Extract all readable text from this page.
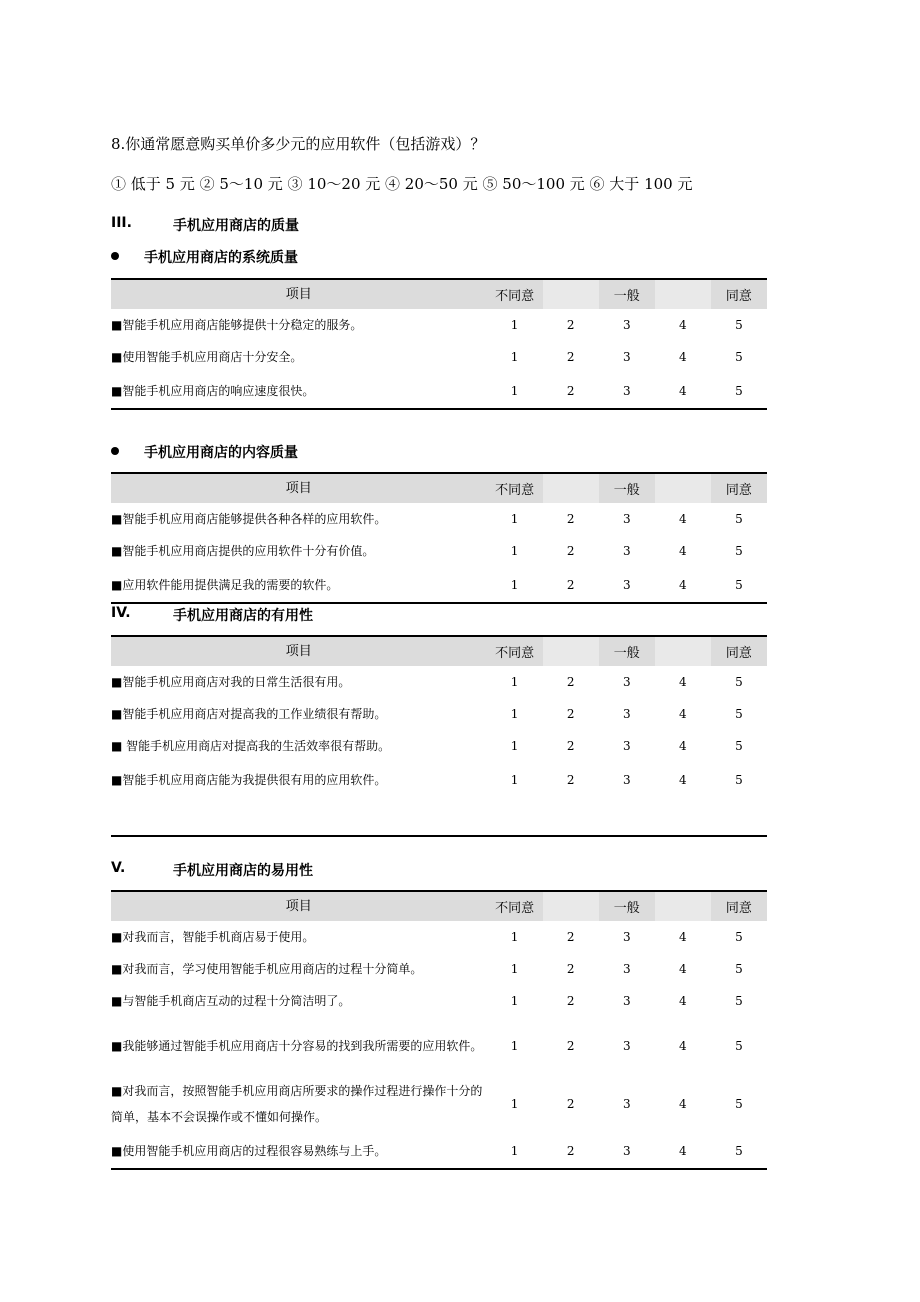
8.你通常愿意购买单价多少元的应用软件（包括游戏）？
① 低于 5 元 ② 5～10 元 ③ 10～20 元 ④ 20～50 元 ⑤ 50～100 元 ⑥ 大于 100 元
III.	手机应用商店的质量
手机应用商店的系统质量
项目	不同意		一般		同意
■智能手机应用商店能够提供十分稳定的服务。	1	2	3	4	5
■使用智能手机应用商店十分安全。	1	2	3	4	5
■智能手机应用商店的响应速度很快。	1	2	3	4	5
手机应用商店的内容质量
项目	不同意		一般		同意
■智能手机应用商店能够提供各种各样的应用软件。	1	2	3	4	5
■智能手机应用商店提供的应用软件十分有价值。	1	2	3	4	5
■应用软件能用提供满足我的需要的软件。	1	2	3	4	5
IV.	手机应用商店的有用性
项目	不同意		一般		同意
■智能手机应用商店对我的日常生活很有用。	1	2	3	4	5
■智能手机应用商店对提高我的工作业绩很有帮助。	1	2	3	4	5
■ 智能手机应用商店对提高我的生活效率很有帮助。	1	2	3	4	5
■智能手机应用商店能为我提供很有用的应用软件。	1	2	3	4	5

V.	手机应用商店的易用性
项目	不同意		一般		同意
■对我而言，智能手机商店易于使用。	1	2	3	4	5
■对我而言，学习使用智能手机应用商店的过程十分简单。	1	2	3	4	5
■与智能手机商店互动的过程十分简洁明了。	1	2	3	4	5
■我能够通过智能手机应用商店十分容易的找到我所需要的应用软件。	1	2	3	4	5
■对我而言，按照智能手机应用商店所要求的操作过程进行操作十分的简单，基本不会误操作或不懂如何操作。	1	2	3	4	5
■使用智能手机应用商店的过程很容易熟练与上手。	1	2	3	4	5
